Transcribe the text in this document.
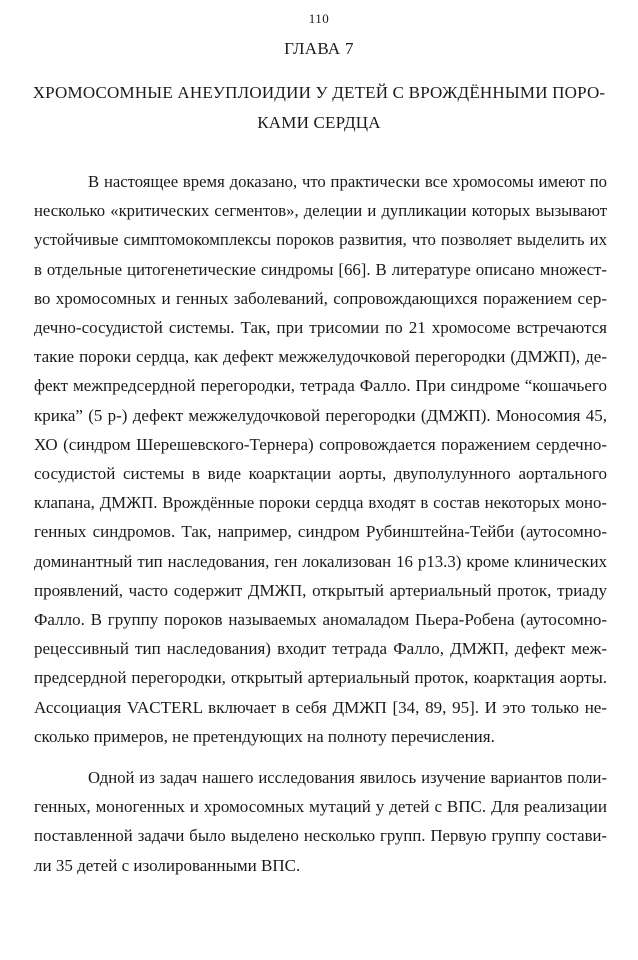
110
ГЛАВА 7
ХРОМОСОМНЫЕ АНЕУПЛОИДИИ У ДЕТЕЙ С ВРОЖДЁННЫМИ ПОРО-
КАМИ СЕРДЦА
В настоящее время доказано, что практически все хромосомы имеют по
несколько «критических сегментов», делеции и дупликации которых вызывают
устойчивые симптомокомплексы пороков развития, что позволяет выделить их
в отдельные цитогенетические синдромы [66]. В литературе описано множест-
во хромосомных и генных заболеваний, сопровождающихся поражением сер-
дечно-сосудистой системы. Так, при трисомии по 21 хромосоме встречаются
такие пороки сердца, как дефект межжелудочковой перегородки (ДМЖП), де-
фект межпредсердной перегородки, тетрада Фалло. При синдроме “кошачьего
крика” (5 р-) дефект межжелудочковой перегородки (ДМЖП). Моносомия 45,
ХО (синдром Шерешевского-Тернера) сопровождается поражением сердечно-
сосудистой системы в виде коарктации аорты, двуполулунного аортального
клапана, ДМЖП. Врождённые пороки сердца входят в состав некоторых моно-
генных синдромов. Так, например, синдром Рубинштейна-Тейби (аутосомно-
доминантный тип наследования, ген локализован 16 р13.3) кроме клинических
проявлений, часто содержит ДМЖП, открытый артериальный проток, триаду
Фалло. В группу пороков называемых аномаладом Пьера-Робена (аутосомно-
рецессивный тип наследования) входит тетрада Фалло, ДМЖП, дефект меж-
предсердной перегородки, открытый артериальный проток, коарктация аорты.
Ассоциация VACTERL включает в себя ДМЖП [34, 89, 95]. И это только не-
сколько примеров, не претендующих на полноту перечисления.
Одной из задач нашего исследования явилось изучение вариантов поли-
генных, моногенных и хромосомных мутаций у детей с ВПС. Для реализации
поставленной задачи было выделено несколько групп. Первую группу состави-
ли 35 детей с изолированными ВПС.
